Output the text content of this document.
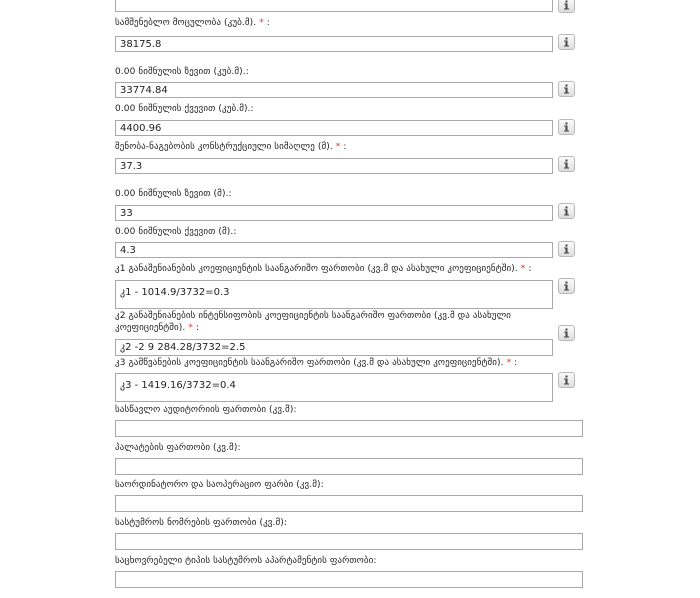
სამშენებლო მოცულობა (კუბ.მ). * :
38175.8
0.00 ნიშნულის ზევით (კუბ.მ).:
33774.84
0.00 ნიშნულის ქვევით (კუბ.მ).:
4400.96
შენობა-ნაგებობის კონსტრუქციული სიმაღლე (მ). * :
37.3
0.00 ნიშნულის ზევით (მ).:
33
0.00 ნიშნულის ქვევით (მ).:
4.3
კ1 განაშენიანების კოეფიციენტის საანგარიშო ფართობი (კვ.მ და ასახული კოეფიციენტში). * :
კ1 - 1014.9/3732=0.3
კ2 განაშენიანების ინტენსიფობის კოეფიციენტის საანგარიშო ფართობი (კვ.მ და ასახული კოეფიციენტში). * :
კ2 -2 9 284.28/3732=2.5
კ3 გამწვანების კოეფიციენტის საანგარიშო ფართობი (კვ.მ და ასახული კოეფიციენტში). * :
კ3 - 1419.16/3732=0.4
სასწავლო აუდიტორიის ფართობი (კვ.მ):
პალატების ფართობი (კვ.მ):
საორდინატორო და საოპერაციო ფარბი (კვ.მ):
სასტუმროს ნომრების ფართობი (კვ.მ):
საცხოვრებელი ტიპის სასტუმროს აპარტამენტის ფართობი:
